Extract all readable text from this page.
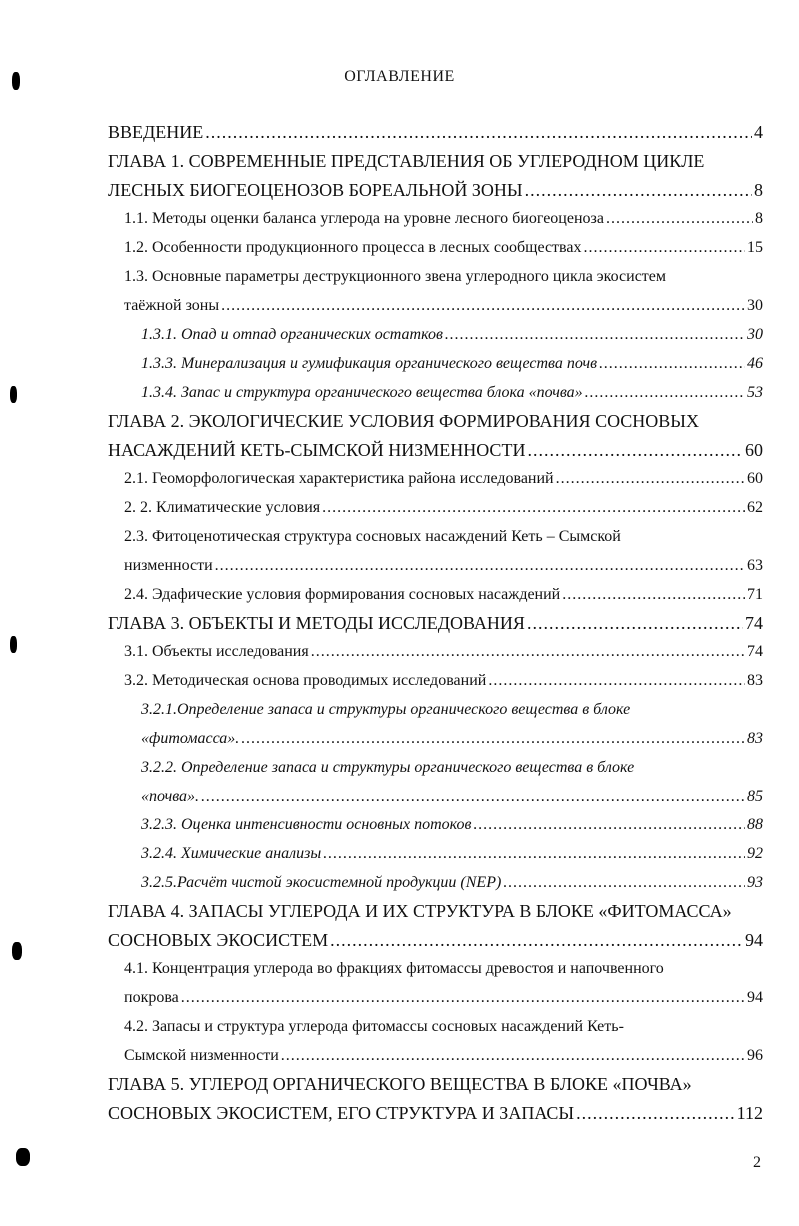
ОГЛАВЛЕНИЕ
ВВЕДЕНИЕ .....	4
ГЛАВА 1. СОВРЕМЕННЫЕ ПРЕДСТАВЛЕНИЯ ОБ УГЛЕРОДНОМ ЦИКЛЕ
ЛЕСНЫХ БИОГЕОЦЕНОЗОВ БОРЕАЛЬНОЙ ЗОНЫ .....	8
1.1. Методы оценки баланса углерода на уровне лесного биогеоценоза .....	8
1.2. Особенности продукционного процесса в лесных сообществах .....	15
1.3. Основные параметры деструкционного звена углеродного цикла экосистем
таёжной зоны .....	30
1.3.1. Опад и отпад органических остатков .....	30
1.3.3. Минерализация и гумификация органического вещества почв .....	46
1.3.4. Запас и структура органического вещества блока «почва» .....	53
ГЛАВА 2. ЭКОЛОГИЧЕСКИЕ УСЛОВИЯ ФОРМИРОВАНИЯ СОСНОВЫХ
НАСАЖДЕНИЙ КЕТЬ-СЫМСКОЙ НИЗМЕННОСТИ .....	60
2.1. Геоморфологическая характеристика района исследований .....	60
2. 2. Климатические условия .....	62
2.3. Фитоценотическая структура сосновых насаждений Кеть – Сымской
низменности .....	63
2.4. Эдафические условия формирования сосновых насаждений .....	71
ГЛАВА 3. ОБЪЕКТЫ И МЕТОДЫ ИССЛЕДОВАНИЯ .....	74
3.1. Объекты исследования .....	74
3.2. Методическая основа проводимых исследований .....	83
3.2.1.Определение запаса и структуры органического вещества в блоке
«фитомасса». .....	83
3.2.2. Определение запаса и структуры органического вещества в блоке
«почва». .....	85
3.2.3. Оценка интенсивности основных потоков .....	88
3.2.4. Химические анализы .....	92
3.2.5.Расчёт чистой экосистемной продукции (NEP) .....	93
ГЛАВА 4. ЗАПАСЫ УГЛЕРОДА И ИХ СТРУКТУРА В БЛОКЕ «ФИТОМАССА»
СОСНОВЫХ ЭКОСИСТЕМ .....	94
4.1. Концентрация углерода во фракциях фитомассы древостоя и напочвенного
покрова .....	94
4.2. Запасы и структура углерода фитомассы сосновых насаждений Кеть-
Сымской низменности .....	96
ГЛАВА 5. УГЛЕРОД ОРГАНИЧЕСКОГО ВЕЩЕСТВА В БЛОКЕ «ПОЧВА»
СОСНОВЫХ ЭКОСИСТЕМ, ЕГО СТРУКТУРА И ЗАПАСЫ .....	112
2
